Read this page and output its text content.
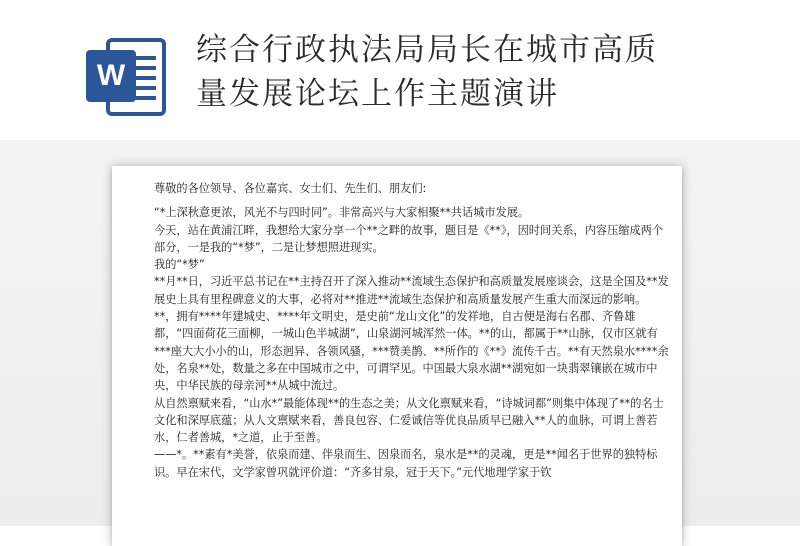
W
综合行政执法局局长在城市高质
量发展论坛上作主题演讲

尊敬的各位领导、各位嘉宾、女士们、先生们、朋友们:

“*上深秋意更浓，风光不与四时同”。非常高兴与大家相聚**共话城市发展。

今天，站在黄浦江畔，我想给大家分享一个**之畔的故事，题目是《**》，因时间关系，内容压缩成两个部分，一是我的“*梦”，二是让梦想照进现实。

我的“*梦”

**月**日，习近平总书记在**主持召开了深入推动**流域生态保护和高质量发展座谈会，这是全国及**发展史上具有里程碑意义的大事，必将对**推进**流域生态保护和高质量发展产生重大而深远的影响。

**，拥有****年建城史、****年文明史，是史前“龙山文化”的发祥地，自古便是海右名郡、齐鲁雄都，“四面荷花三面柳，一城山色半城湖”，山泉湖河城浑然一体。**的山，都属于**山脉，仅市区就有***座大大小小的山，形态迥异、各领风骚，***赞美鹊、**所作的《**》流传千古。**有天然泉水****余处，名泉**处，数量之多在中国城市之中，可谓罕见。中国最大泉水湖**湖宛如一块翡翠镶嵌在城市中央，中华民族的母亲河**从城中流过。

从自然禀赋来看，“山水*”最能体现**的生态之美；从文化禀赋来看，“诗城词都”则集中体现了**的名士文化和深厚底蕴；从人文禀赋来看，善良包容、仁爱诚信等优良品质早已融入**人的血脉，可谓上善若水，仁者善城，*之道，止于至善。

——*。**素有*美誉，依泉而建、伴泉而生、因泉而名，泉水是**的灵魂，更是**闻名于世界的独特标识。早在宋代，文学家曾巩就评价道：“齐多甘泉，冠于天下。”元代地理学家于钦
